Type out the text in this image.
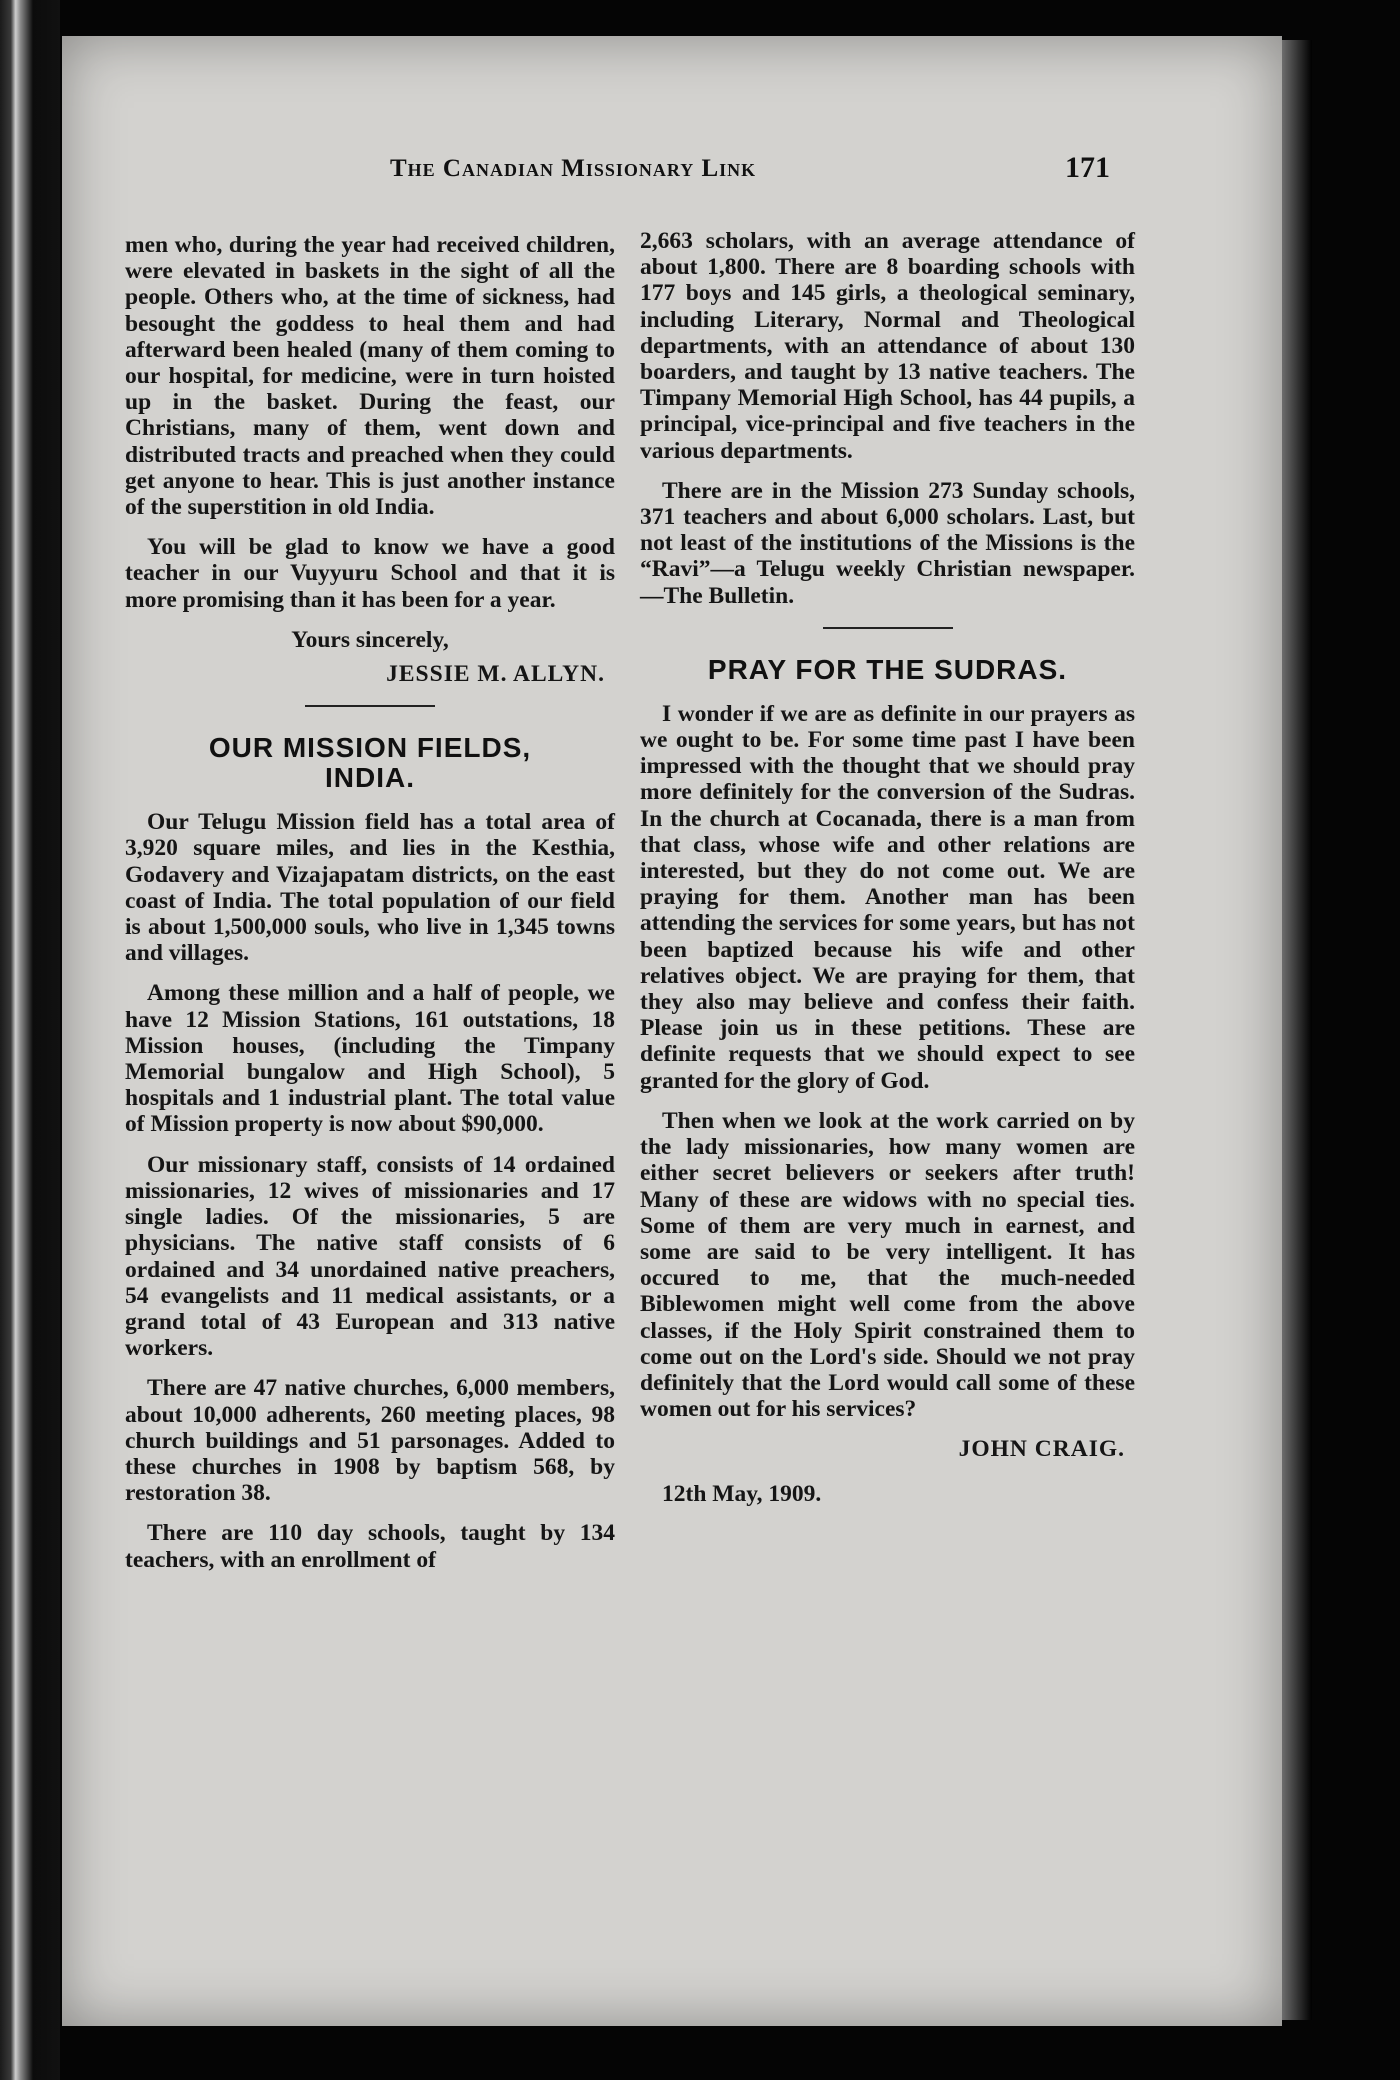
The Canadian Missionary Link	171

men who, during the year had received children, were elevated in baskets in the sight of all the people. Others who, at the time of sickness, had besought the goddess to heal them and had afterward been healed (many of them coming to our hospital, for medicine, were in turn hoisted up in the basket. During the feast, our Christians, many of them, went down and distributed tracts and preached when they could get anyone to hear. This is just another instance of the superstition in old India.

You will be glad to know we have a good teacher in our Vuyyuru School and that it is more promising than it has been for a year.

Yours sincerely,
JESSIE M. ALLYN.
OUR MISSION FIELDS,
INDIA.

Our Telugu Mission field has a total area of 3,920 square miles, and lies in the Kesthia, Godavery and Vizajapatam districts, on the east coast of India. The total population of our field is about 1,500,000 souls, who live in 1,345 towns and villages.

Among these million and a half of people, we have 12 Mission Stations, 161 outstations, 18 Mission houses, (including the Timpany Memorial bungalow and High School), 5 hospitals and 1 industrial plant. The total value of Mission property is now about $90,000.

Our missionary staff, consists of 14 ordained missionaries, 12 wives of missionaries and 17 single ladies. Of the missionaries, 5 are physicians. The native staff consists of 6 ordained and 34 unordained native preachers, 54 evangelists and 11 medical assistants, or a grand total of 43 European and 313 native workers.

There are 47 native churches, 6,000 members, about 10,000 adherents, 260 meeting places, 98 church buildings and 51 parsonages. Added to these churches in 1908 by baptism 568, by restoration 38.

There are 110 day schools, taught by 134 teachers, with an enrollment of

2,663 scholars, with an average attendance of about 1,800. There are 8 boarding schools with 177 boys and 145 girls, a theological seminary, including Literary, Normal and Theological departments, with an attendance of about 130 boarders, and taught by 13 native teachers. The Timpany Memorial High School, has 44 pupils, a principal, vice-principal and five teachers in the various departments.

There are in the Mission 273 Sunday schools, 371 teachers and about 6,000 scholars. Last, but not least of the institutions of the Missions is the “Ravi”—a Telugu weekly Christian newspaper.—The Bulletin.

PRAY FOR THE SUDRAS.

I wonder if we are as definite in our prayers as we ought to be. For some time past I have been impressed with the thought that we should pray more definitely for the conversion of the Sudras. In the church at Cocanada, there is a man from that class, whose wife and other relations are interested, but they do not come out. We are praying for them. Another man has been attending the services for some years, but has not been baptized because his wife and other relatives object. We are praying for them, that they also may believe and confess their faith. Please join us in these petitions. These are definite requests that we should expect to see granted for the glory of God.

Then when we look at the work carried on by the lady missionaries, how many women are either secret believers or seekers after truth! Many of these are widows with no special ties. Some of them are very much in earnest, and some are said to be very intelligent. It has occured to me, that the much-needed Biblewomen might well come from the above classes, if the Holy Spirit constrained them to come out on the Lord's side. Should we not pray definitely that the Lord would call some of these women out for his services?

JOHN CRAIG.

12th May, 1909.
